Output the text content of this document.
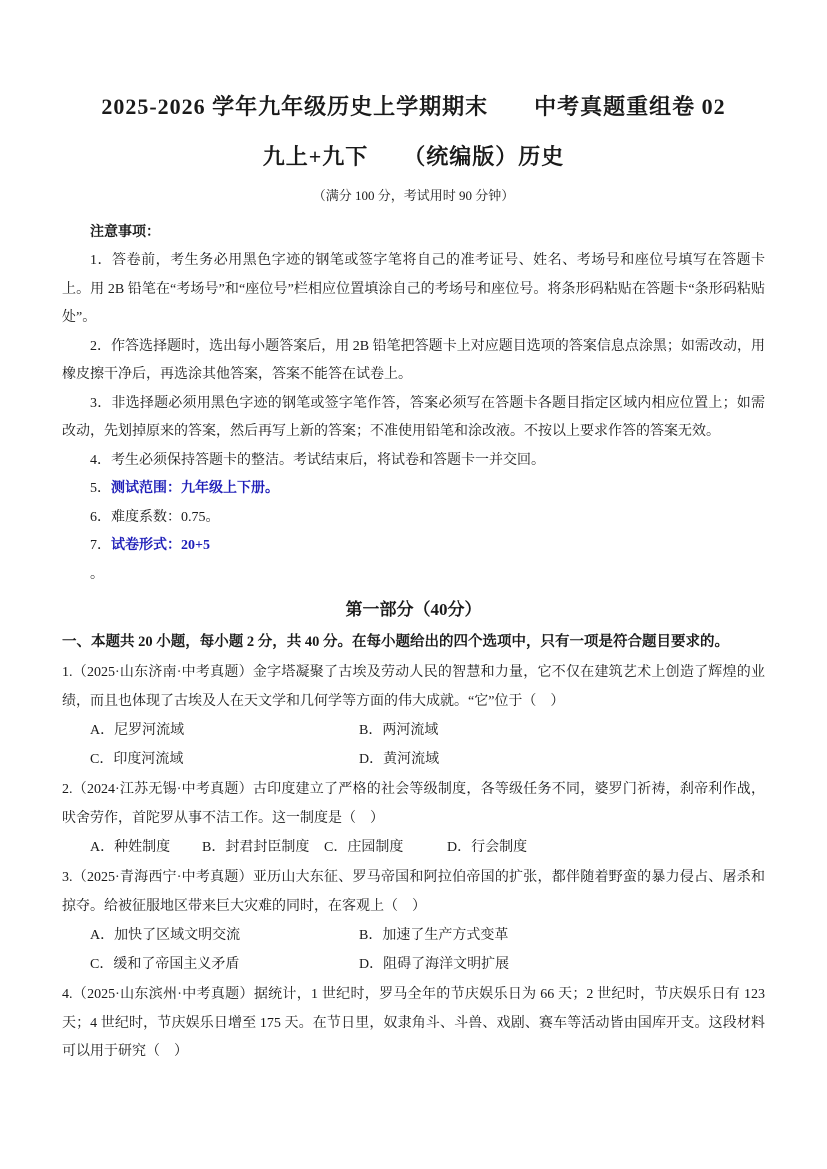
2025-2026 学年九年级历史上学期期末　　中考真题重组卷 02
九上+九下　　（统编版）历史

（满分 100 分，考试用时 90 分钟）

注意事项：

1．答卷前，考生务必用黑色字迹的钢笔或签字笔将自己的准考证号、姓名、考场号和座位号填写在答题卡上。用 2B 铅笔在“考场号”和“座位号”栏相应位置填涂自己的考场号和座位号。将条形码粘贴在答题卡“条形码粘贴处”。

2．作答选择题时，选出每小题答案后，用 2B 铅笔把答题卡上对应题目选项的答案信息点涂黑；如需改动，用橡皮擦干净后，再选涂其他答案，答案不能答在试卷上。

3．非选择题必须用黑色字迹的钢笔或签字笔作答，答案必须写在答题卡各题目指定区域内相应位置上；如需改动，先划掉原来的答案，然后再写上新的答案；不准使用铅笔和涂改液。不按以上要求作答的答案无效。

4．考生必须保持答题卡的整洁。考试结束后，将试卷和答题卡一并交回。

5．测试范围：九年级上下册。

6．难度系数：0.75。

7．试卷形式：20+5

。

第一部分（40分）

一、本题共 20 小题，每小题 2 分，共 40 分。在每小题给出的四个选项中，只有一项是符合题目要求的。

1.（2025·山东济南·中考真题）金字塔凝聚了古埃及劳动人民的智慧和力量，它不仅在建筑艺术上创造了辉煌的业绩，而且也体现了古埃及人在天文学和几何学等方面的伟大成就。“它”位于（　）

A．尼罗河流域	B．两河流域
C．印度河流域	D．黄河流域

2.（2024·江苏无锡·中考真题）古印度建立了严格的社会等级制度，各等级任务不同，婆罗门祈祷，刹帝利作战，吠舍劳作，首陀罗从事不洁工作。这一制度是（　）

A．种姓制度	B．封君封臣制度	C．庄园制度	D．行会制度

3.（2025·青海西宁·中考真题）亚历山大东征、罗马帝国和阿拉伯帝国的扩张，都伴随着野蛮的暴力侵占、屠杀和掠夺。给被征服地区带来巨大灾难的同时，在客观上（　）

A．加快了区域文明交流	B．加速了生产方式变革
C．缓和了帝国主义矛盾	D．阻碍了海洋文明扩展

4.（2025·山东滨州·中考真题）据统计，1 世纪时，罗马全年的节庆娱乐日为 66 天；2 世纪时，节庆娱乐日有 123 天；4 世纪时，节庆娱乐日增至 175 天。在节日里，奴隶角斗、斗兽、戏剧、赛车等活动皆由国库开支。这段材料可以用于研究（　）
